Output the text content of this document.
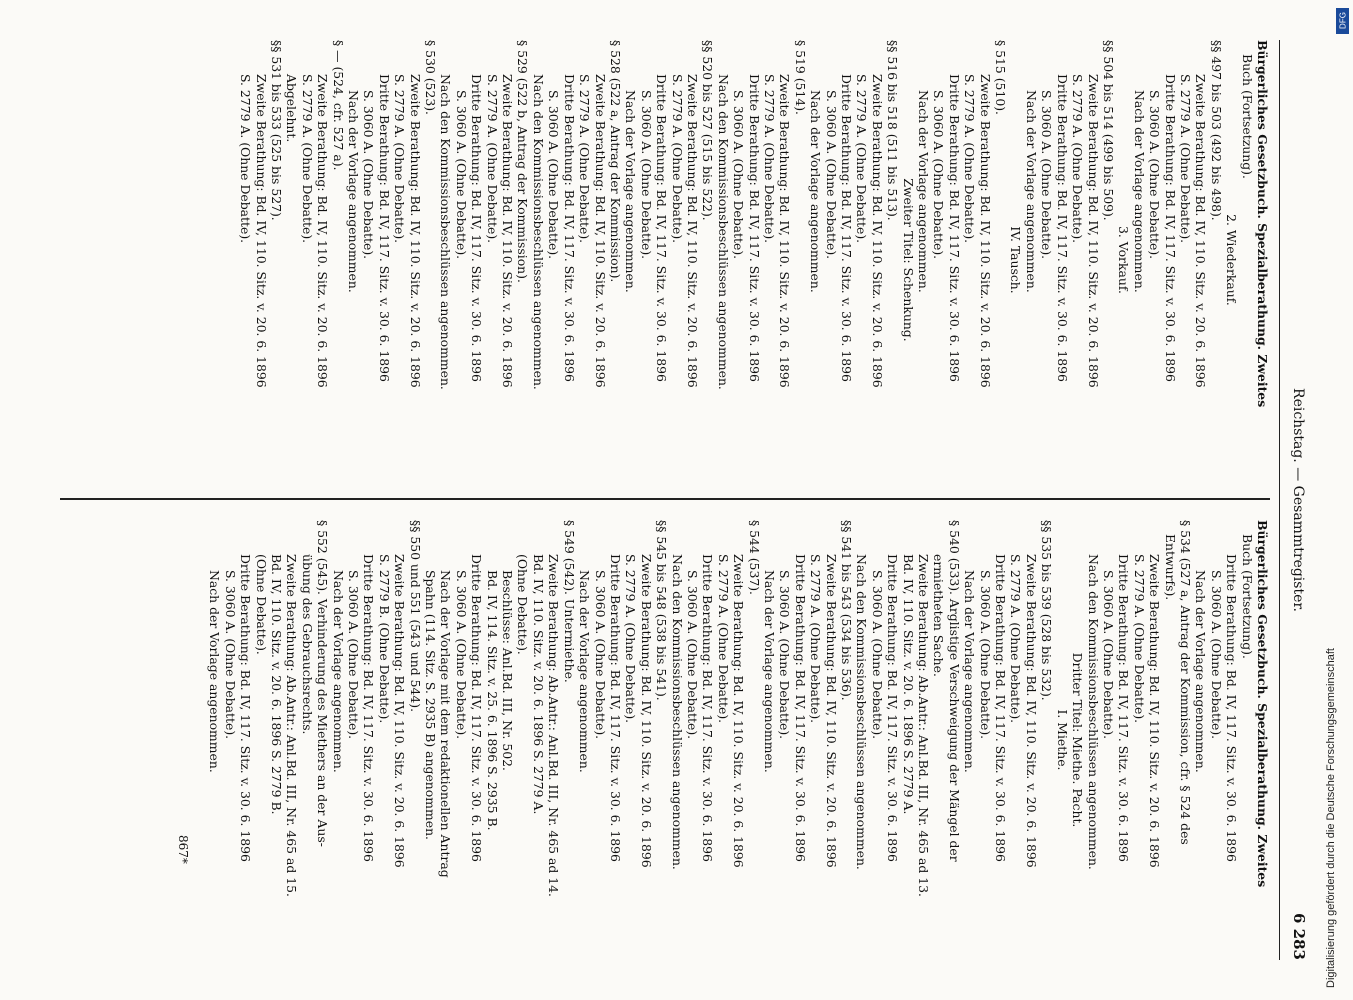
Reichstag. — Gesammtregister.
6 283
Bürgerliches Gesetzbuch. Spezialberathung. Zweites
Buch (Fortsetzung).
2. Wiederkauf.
§§ 497 bis 503 (492 bis 498).
Zweite Berathung: Bd. IV, 110. Sitz. v. 20. 6. 1896
S. 2779 A. (Ohne Debatte).
Dritte Berathung: Bd. IV, 117. Sitz. v. 30. 6. 1896
S. 3060 A. (Ohne Debatte).
Nach der Vorlage angenommen.
3. Vorkauf.
§§ 504 bis 514 (499 bis 509).
Zweite Berathung: Bd. IV, 110. Sitz. v. 20. 6. 1896
S. 2779 A. (Ohne Debatte).
Dritte Berathung: Bd. IV, 117. Sitz. v. 30. 6. 1896
S. 3060 A. (Ohne Debatte).
Nach der Vorlage angenommen.
IV. Tausch.
§ 515 (510).
Zweite Berathung: Bd. IV, 110. Sitz. v. 20. 6. 1896
S. 2779 A. (Ohne Debatte).
Dritte Berathung: Bd. IV, 117. Sitz. v. 30. 6. 1896
S. 3060 A. (Ohne Debatte).
Nach der Vorlage angenommen.
Zweiter Titel: Schenkung.
§§ 516 bis 518 (511 bis 513).
Zweite Berathung: Bd. IV, 110. Sitz. v. 20. 6. 1896
S. 2779 A. (Ohne Debatte).
Dritte Berathung: Bd. IV, 117. Sitz. v. 30. 6. 1896
S. 3060 A. (Ohne Debatte).
Nach der Vorlage angenommen.
§ 519 (514).
Zweite Berathung: Bd. IV, 110. Sitz. v. 20. 6. 1896
S. 2779 A. (Ohne Debatte).
Dritte Berathung: Bd. IV, 117. Sitz. v. 30. 6. 1896
S. 3060 A. (Ohne Debatte).
Nach den Kommissionsbeschlüssen angenommen.
§§ 520 bis 527 (515 bis 522).
Zweite Berathung: Bd. IV, 110. Sitz. v. 20. 6. 1896
S. 2779 A. (Ohne Debatte).
Dritte Berathung: Bd. IV, 117. Sitz. v. 30. 6. 1896
S. 3060 A. (Ohne Debatte).
Nach der Vorlage angenommen.
§ 528 (522 a, Antrag der Kommission).
Zweite Berathung: Bd. IV, 110. Sitz. v. 20. 6. 1896
S. 2779 A. (Ohne Debatte).
Dritte Berathung: Bd. IV, 117. Sitz. v. 30. 6. 1896
S. 3060 A. (Ohne Debatte).
Nach den Kommissionsbeschlüssen angenommen.
§ 529 (522 b, Antrag der Kommission).
Zweite Berathung: Bd. IV, 110. Sitz. v. 20. 6. 1896
S. 2779 A. (Ohne Debatte).
Dritte Berathung: Bd. IV, 117. Sitz. v. 30. 6. 1896
S. 3060 A. (Ohne Debatte).
Nach den Kommissionsbeschlüssen angenommen.
§ 530 (523).
Zweite Berathung: Bd. IV, 110. Sitz. v. 20. 6. 1896
S. 2779 A. (Ohne Debatte).
Dritte Berathung: Bd. IV, 117. Sitz. v. 30. 6. 1896
S. 3060 A. (Ohne Debatte).
Nach der Vorlage angenommen.
§ — (524, cfr. 527 a).
Zweite Berathung: Bd. IV, 110. Sitz. v. 20. 6. 1896
S. 2779 A. (Ohne Debatte).
Abgelehnt.
§§ 531 bis 533 (525 bis 527).
Zweite Berathung: Bd. IV, 110. Sitz. v. 20. 6. 1896
S. 2779 A. (Ohne Debatte).
Bürgerliches Gesetzbuch. Spezialberathung. Zweites
Buch (Fortsetzung).
Dritte Berathung: Bd. IV, 117. Sitz. v. 30. 6. 1896
S. 3060 A. (Ohne Debatte).
Nach der Vorlage angenommen.
§ 534 (527 a, Antrag der Kommission, cfr. § 524 des
Entwurfs).
Zweite Berathung: Bd. IV, 110. Sitz. v. 20. 6. 1896
S. 2779 A. (Ohne Debatte).
Dritte Berathung: Bd. IV, 117. Sitz. v. 30. 6. 1896
S. 3060 A. (Ohne Debatte).
Nach den Kommissionsbeschlüssen angenommen.
Dritter Titel: Miethe. Pacht.
I. Miethe.
§§ 535 bis 539 (528 bis 532).
Zweite Berathung: Bd. IV, 110. Sitz. v. 20. 6. 1896
S. 2779 A. (Ohne Debatte).
Dritte Berathung: Bd. IV, 117. Sitz. v. 30. 6. 1896
S. 3060 A. (Ohne Debatte).
Nach der Vorlage angenommen.
§ 540 (533). Arglistige Verschweigung der Mängel der
ermietheten Sache.
Zweite Berathung: Ab.Antr.: Anl.Bd. III, Nr. 465 ad 13.
Bd. IV, 110. Sitz. v. 20. 6. 1896 S. 2779 A.
Dritte Berathung: Bd. IV, 117. Sitz. v. 30. 6. 1896
S. 3060 A. (Ohne Debatte).
Nach den Kommissionsbeschlüssen angenommen.
§§ 541 bis 543 (534 bis 536).
Zweite Berathung: Bd. IV, 110. Sitz. v. 20. 6. 1896
S. 2779 A. (Ohne Debatte).
Dritte Berathung: Bd. IV, 117. Sitz. v. 30. 6. 1896
S. 3060 A. (Ohne Debatte).
Nach der Vorlage angenommen.
§ 544 (537).
Zweite Berathung: Bd. IV, 110. Sitz. v. 20. 6. 1896
S. 2779 A. (Ohne Debatte).
Dritte Berathung: Bd. IV, 117. Sitz. v. 30. 6. 1896
S. 3060 A. (Ohne Debatte).
Nach den Kommissionsbeschlüssen angenommen.
§§ 545 bis 548 (538 bis 541).
Zweite Berathung: Bd. IV, 110. Sitz. v. 20. 6. 1896
S. 2779 A. (Ohne Debatte).
Dritte Berathung: Bd. IV, 117. Sitz. v. 30. 6. 1896
S. 3060 A. (Ohne Debatte).
Nach der Vorlage angenommen.
§ 549 (542). Untermiethe.
Zweite Berathung: Ab.Antr.: Anl.Bd. III, Nr. 465 ad 14.
Bd. IV, 110. Sitz. v. 20. 6. 1896 S. 2779 A.
(Ohne Debatte).
Beschlüsse: Anl.Bd. III, Nr. 502.
Bd. IV, 114. Sitz. v. 25. 6. 1896 S. 2935 B.
Dritte Berathung: Bd. IV, 117. Sitz. v. 30. 6. 1896
S. 3060 A. (Ohne Debatte).
Nach der Vorlage mit dem redaktionellen Antrag
Spahn (114. Sitz. S. 2935 B) angenommen.
§§ 550 und 551 (543 und 544).
Zweite Berathung: Bd. IV, 110. Sitz. v. 20. 6. 1896
S. 2779 B. (Ohne Debatte).
Dritte Berathung: Bd. IV, 117. Sitz. v. 30. 6. 1896
S. 3060 A. (Ohne Debatte).
Nach der Vorlage angenommen.
§ 552 (545). Verhinderung des Miethers an der Aus-
übung des Gebrauchsrechts.
Zweite Berathung: Ab.Antr.: Anl.Bd. III, Nr. 465 ad 15.
Bd. IV, 110. Sitz. v. 20. 6. 1896 S. 2779 B.
(Ohne Debatte).
Dritte Berathung: Bd. IV, 117. Sitz. v. 30. 6. 1896
S. 3060 A. (Ohne Debatte).
Nach der Vorlage angenommen.
867*	Digitalisierung gefördert durch die Deutsche Forschungsgemeinschaft
DFG
